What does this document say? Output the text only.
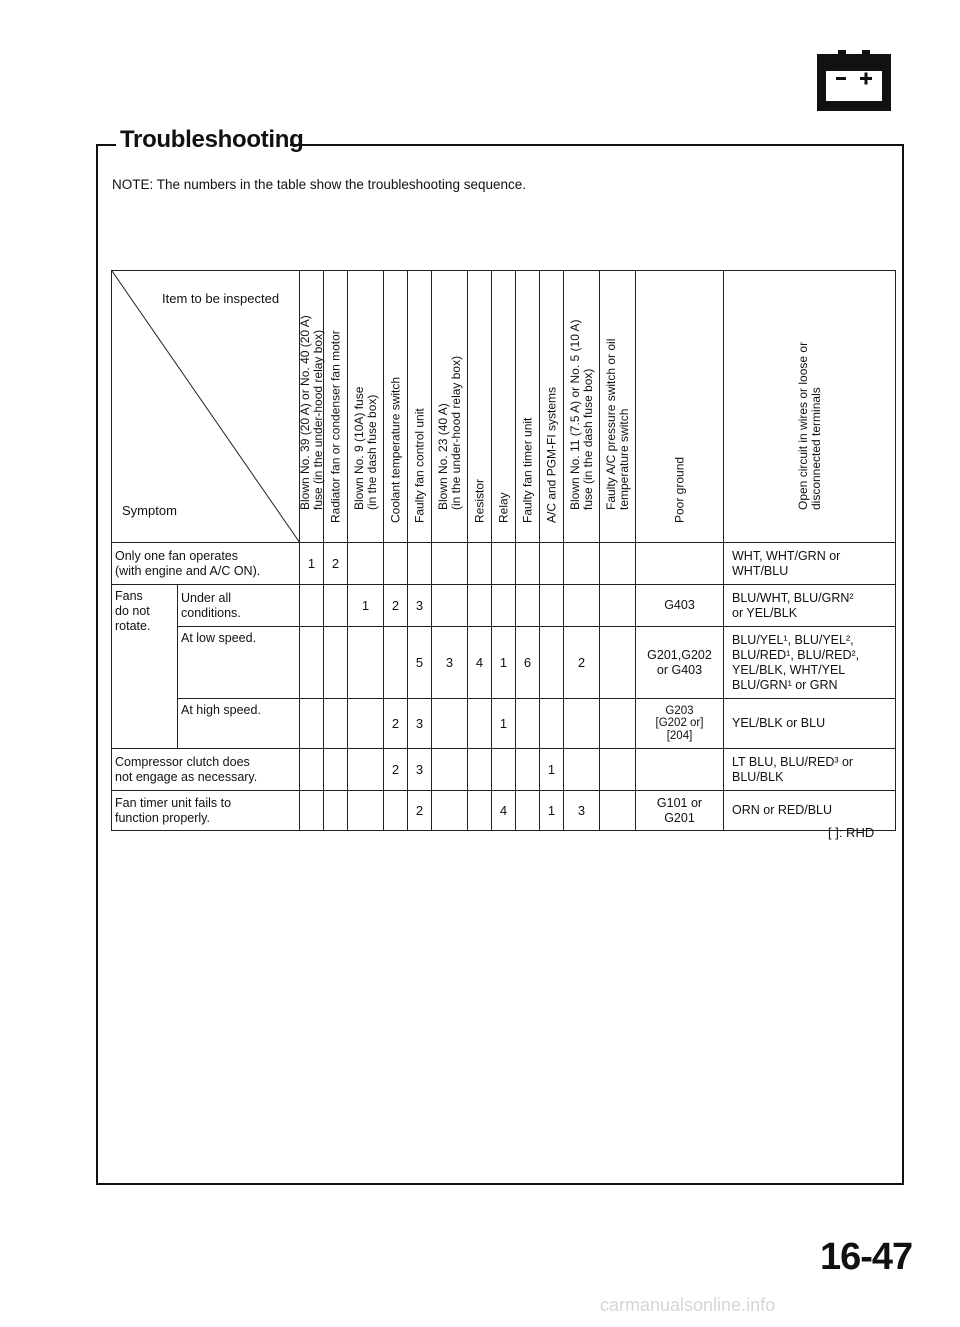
Troubleshooting
NOTE: The numbers in the table show the troubleshooting sequence.
Item to be inspected
Symptom		Blown No. 39 (20 A) or No. 40 (20 A)
fuse (in the under-hood relay box)	Radiator fan or condenser fan motor	Blown No. 9 (10A) fuse
(in the dash fuse box)	Coolant temperature switch	Faulty fan control unit	Blown No. 23 (40 A)
(in the under-hood relay box)	Resistor	Relay	Faulty fan timer unit	A/C and PGM-FI systems	Blown No. 11 (7.5 A) or No. 5 (10 A)
fuse (in the dash fuse box)	Faulty A/C pressure switch or oil
temperature switch	Poor ground	Open circuit in wires or loose or
disconnected terminals

Only one fan operates
(with engine and A/C ON).		1	2												WHT, WHT/GRN or
WHT/BLU
Fans
do not
rotate.	Under all
conditions.			1	2	3								G403	BLU/WHT, BLU/GRN²
or YEL/BLK
	At low speed.					5	3	4	1	6		2		G201,G202
or G403	BLU/YEL¹, BLU/YEL²,
BLU/RED¹, BLU/RED²,
YEL/BLK, WHT/YEL
BLU/GRN¹ or GRN
	At high speed.				2	3			1					G203
[G202 or]
[204]	YEL/BLK or BLU
Compressor clutch does
not engage as necessary.					2	3					1				LT BLU, BLU/RED³ or
BLU/BLK
Fan timer unit fails to
function properly.						2			4		1	3		G101 or
G201	ORN or RED/BLU
[ ]: RHD
16-47
carmanualsonline.info
